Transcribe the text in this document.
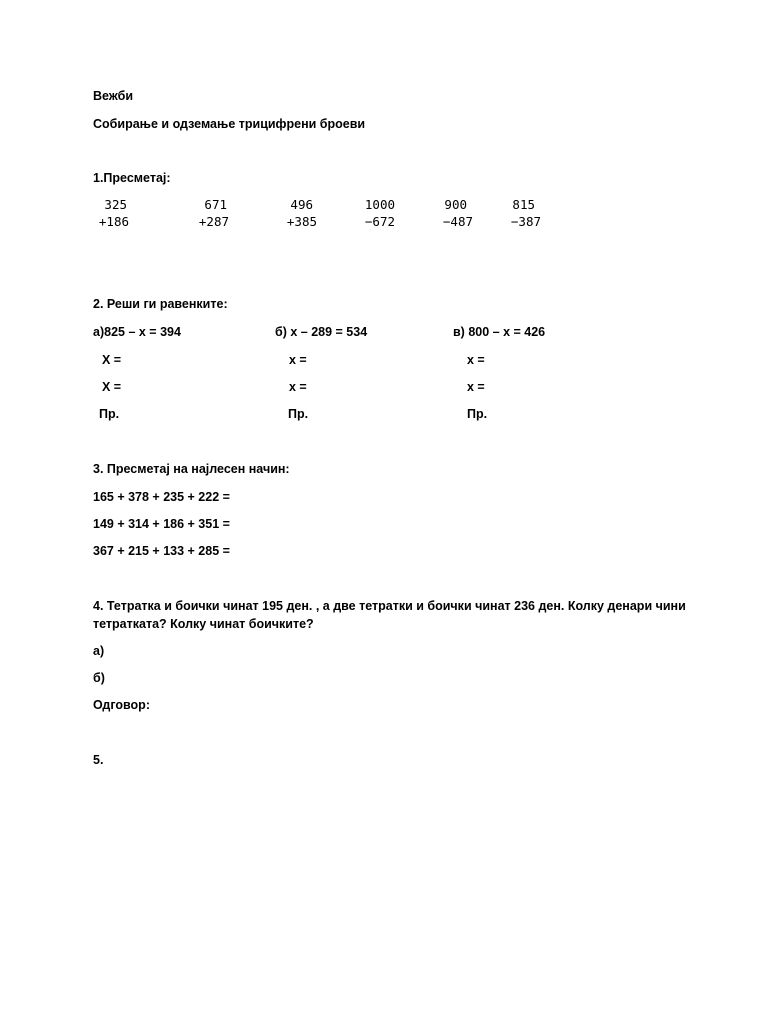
Вежби
Собирање и одземање трицифрени броеви
1.Пресметај:
325
+186
671
+287
496
+385
1000
−672
900
−487
815
−387
2. Реши ги равенките:
а)825 – x = 394
X =
X =
Пр.
б) x – 289 = 534
x =
x =
Пр.
в) 800 – x = 426
x =
x =
Пр.
3. Пресметај на најлесен начин:
165 + 378 + 235 + 222 =
149 + 314 + 186 + 351 =
367 + 215 + 133 + 285 =
4. Тетратка и боички чинат 195 ден. , а две тетратки и боички чинат 236 ден. Колку денари чини тетратката? Колку чинат боичките?
а)
б)
Одговор:
5.
